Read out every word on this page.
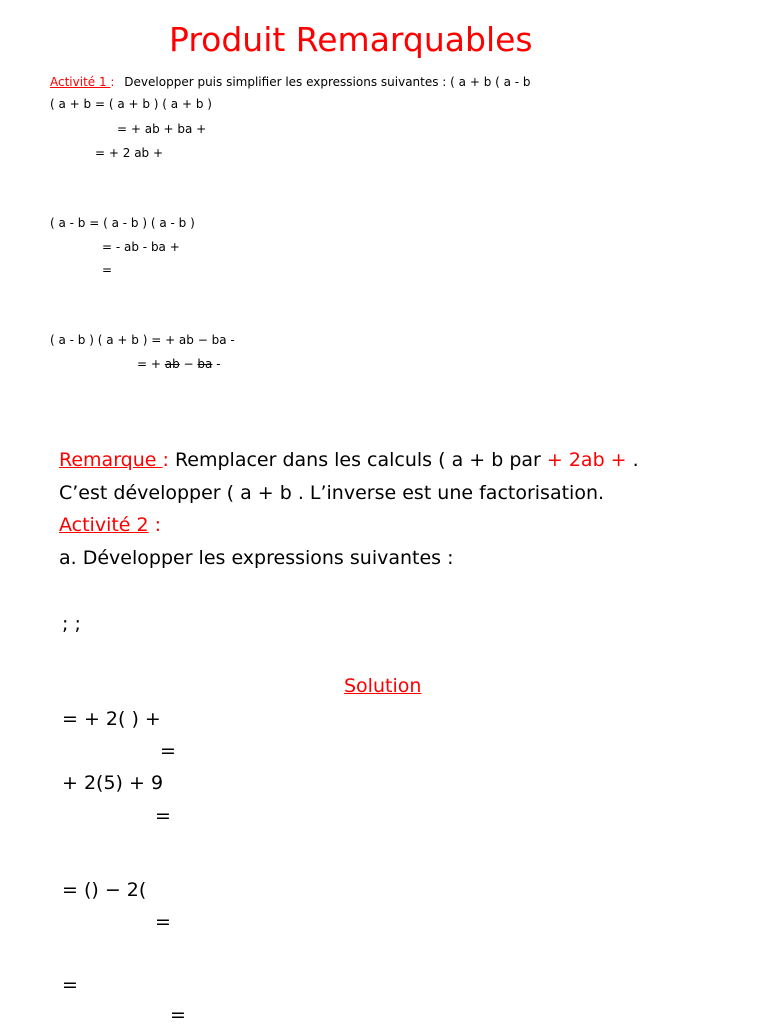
Produit Remarquables
Activité 1 : Developper puis simplifier les expressions suivantes : ( a + b ( a - b
( a + b = ( a + b ) ( a + b )
= + ab + ba +
= + 2 ab +
( a - b = ( a - b ) ( a - b )
= - ab - ba +
=
( a - b ) ( a + b ) = + ab − ba -
= + ab − ba -
Remarque : Remplacer dans les calculs ( a + b par + 2ab + .
C’est développer ( a + b . L’inverse est une factorisation.
Activité 2 :
a. Développer les expressions suivantes :
; ;
Solution
= + 2( ) +
=
+ 2(5) + 9
=
= () − 2(
=
=
=
